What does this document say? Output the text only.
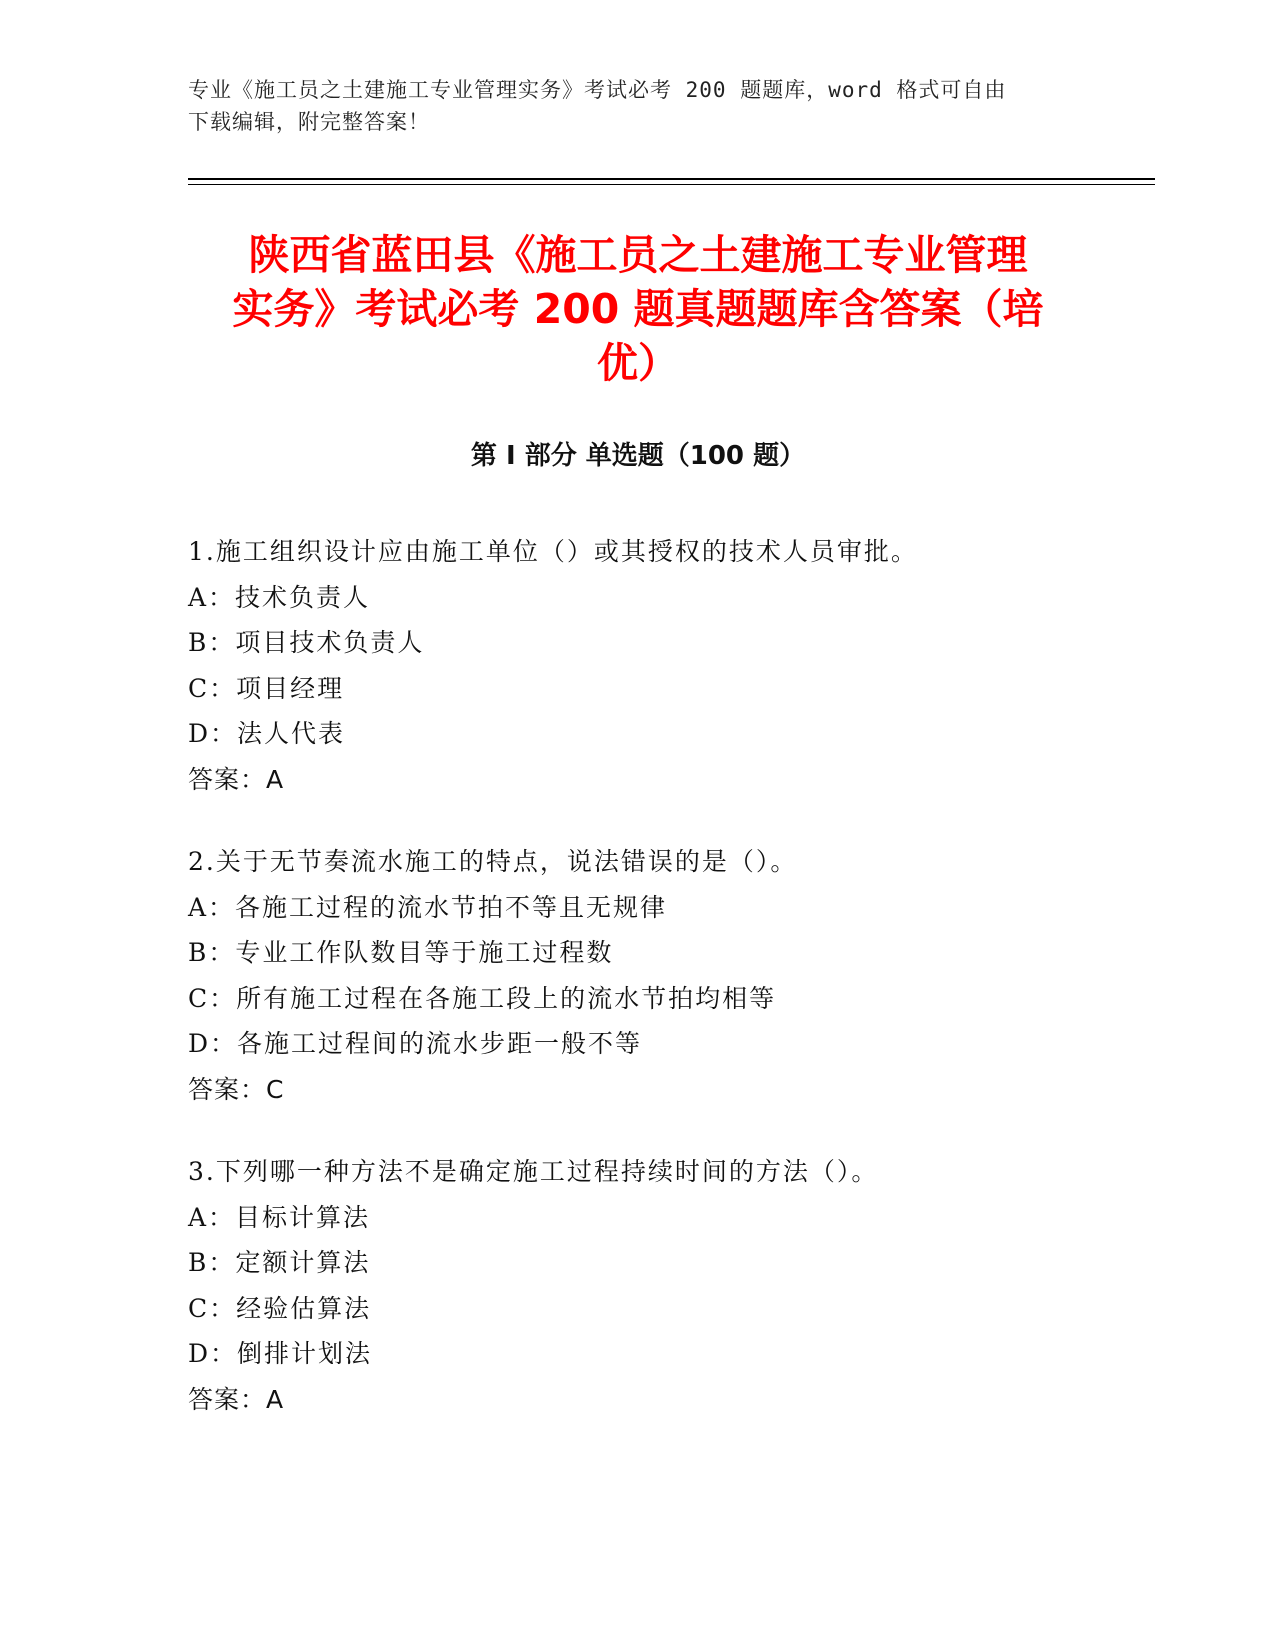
专业《施工员之土建施工专业管理实务》考试必考 200 题题库，word 格式可自由
下载编辑，附完整答案！
陕西省蓝田县《施工员之土建施工专业管理
实务》考试必考 200 题真题题库含答案（培
优）
第 I 部分 单选题（100 题）
1.施工组织设计应由施工单位（）或其授权的技术人员审批。
A：技术负责人
B：项目技术负责人
C：项目经理
D：法人代表
答案：A
2.关于无节奏流水施工的特点，说法错误的是（）。
A：各施工过程的流水节拍不等且无规律
B：专业工作队数目等于施工过程数
C：所有施工过程在各施工段上的流水节拍均相等
D：各施工过程间的流水步距一般不等
答案：C
3.下列哪一种方法不是确定施工过程持续时间的方法（）。
A：目标计算法
B：定额计算法
C：经验估算法
D：倒排计划法
答案：A
